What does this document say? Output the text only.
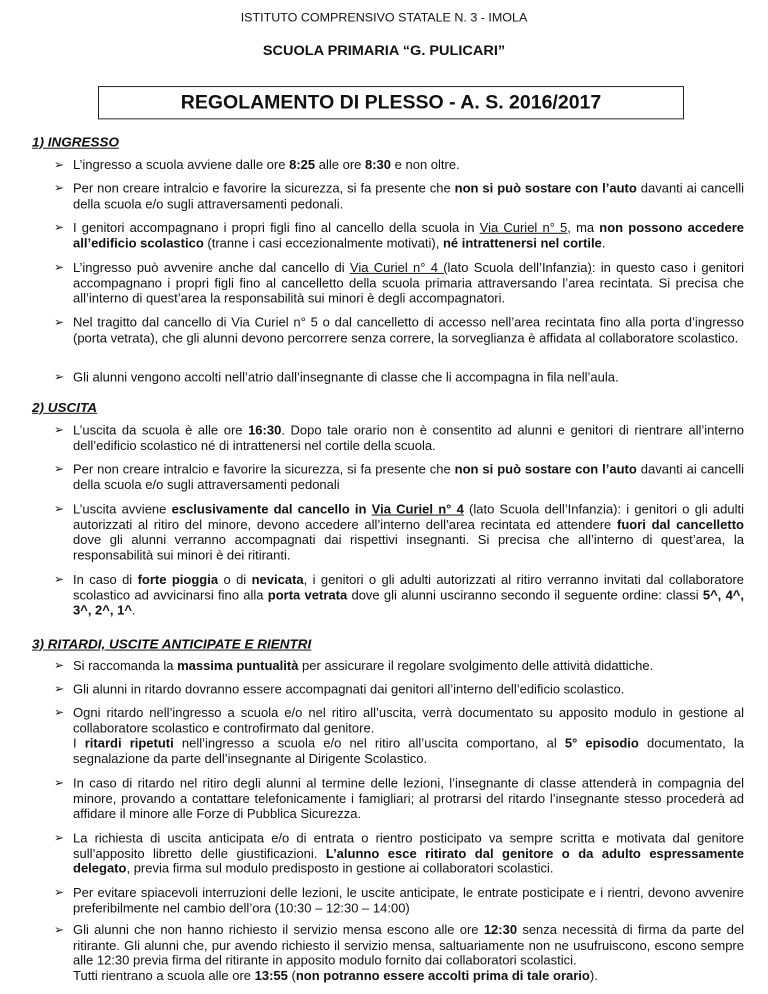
ISTITUTO COMPRENSIVO STATALE N. 3 - IMOLA
SCUOLA PRIMARIA “G. PULICARI”
REGOLAMENTO DI PLESSO - A. S. 2016/2017
1) INGRESSO
➢ L’ingresso a scuola avviene dalle ore 8:25 alle ore 8:30 e non oltre.

➢ Per non creare intralcio e favorire la sicurezza, si fa presente che non si può sostare con l’auto davanti ai cancelli della scuola e/o sugli attraversamenti pedonali.

➢ I genitori accompagnano i propri figli fino al cancello della scuola in Via Curiel n° 5, ma non possono accedere all’edificio scolastico (tranne i casi eccezionalmente motivati), né intrattenersi nel cortile.

➢ L’ingresso può avvenire anche dal cancello di Via Curiel n° 4 (lato Scuola dell’Infanzia): in questo caso i genitori accompagnano i propri figli fino al cancelletto della scuola primaria attraversando l’area recintata. Si precisa che all’interno di quest’area la responsabilità sui minori è degli accompagnatori.

➢ Nel tragitto dal cancello di Via Curiel n° 5 o dal cancelletto di accesso nell’area recintata fino alla porta d’ingresso (porta vetrata), che gli alunni devono percorrere senza correre, la sorveglianza è affidata al collaboratore scolastico.

➢ Gli alunni vengono accolti nell’atrio dall’insegnante di classe che li accompagna in fila nell’aula.

2) USCITA
➢ L’uscita da scuola è alle ore 16:30. Dopo tale orario non è consentito ad alunni e genitori di rientrare all’interno dell’edificio scolastico né di intrattenersi nel cortile della scuola.

➢ Per non creare intralcio e favorire la sicurezza, si fa presente che non si può sostare con l’auto davanti ai cancelli della scuola e/o sugli attraversamenti pedonali

➢ L’uscita avviene esclusivamente dal cancello in Via Curiel n° 4 (lato Scuola dell’Infanzia): i genitori o gli adulti autorizzati al ritiro del minore, devono accedere all’interno dell’area recintata ed attendere fuori dal cancelletto dove gli alunni verranno accompagnati dai rispettivi insegnanti. Si precisa che all’interno di quest’area, la responsabilità sui minori è dei ritiranti.

➢ In caso di forte pioggia o di nevicata, i genitori o gli adulti autorizzati al ritiro verranno invitati dal collaboratore scolastico ad avvicinarsi fino alla porta vetrata dove gli alunni usciranno secondo il seguente ordine: classi 5^, 4^, 3^, 2^, 1^.

3) RITARDI, USCITE ANTICIPATE E RIENTRI
➢ Si raccomanda la massima puntualità per assicurare il regolare svolgimento delle attività didattiche.

➢ Gli alunni in ritardo dovranno essere accompagnati dai genitori all’interno dell’edificio scolastico.

➢ Ogni ritardo nell’ingresso a scuola e/o nel ritiro all’uscita, verrà documentato su apposito modulo in gestione al collaboratore scolastico e controfirmato dal genitore.

I ritardi ripetuti nell’ingresso a scuola e/o nel ritiro all’uscita comportano, al 5° episodio documentato, la segnalazione da parte dell’insegnante al Dirigente Scolastico.

➢ In caso di ritardo nel ritiro degli alunni al termine delle lezioni, l’insegnante di classe attenderà in compagnia del minore, provando a contattare telefonicamente i famigliari; al protrarsi del ritardo l’insegnante stesso procederà ad affidare il minore alle Forze di Pubblica Sicurezza.

➢ La richiesta di uscita anticipata e/o di entrata o rientro posticipato va sempre scritta e motivata dal genitore sull’apposito libretto delle giustificazioni. L’alunno esce ritirato dal genitore o da adulto espressamente delegato, previa firma sul modulo predisposto in gestione ai collaboratori scolastici.

➢ Per evitare spiacevoli interruzioni delle lezioni, le uscite anticipate, le entrate posticipate e i rientri, devono avvenire preferibilmente nel cambio dell’ora (10:30 – 12:30 – 14:00)

➢ Gli alunni che non hanno richiesto il servizio mensa escono alle ore 12:30 senza necessità di firma da parte del ritirante. Gli alunni che, pur avendo richiesto il servizio mensa, saltuariamente non ne usufruiscono, escono sempre alle 12:30 previa firma del ritirante in apposito modulo fornito dai collaboratori scolastici.

Tutti rientrano a scuola alle ore 13:55 (non potranno essere accolti prima di tale orario).
